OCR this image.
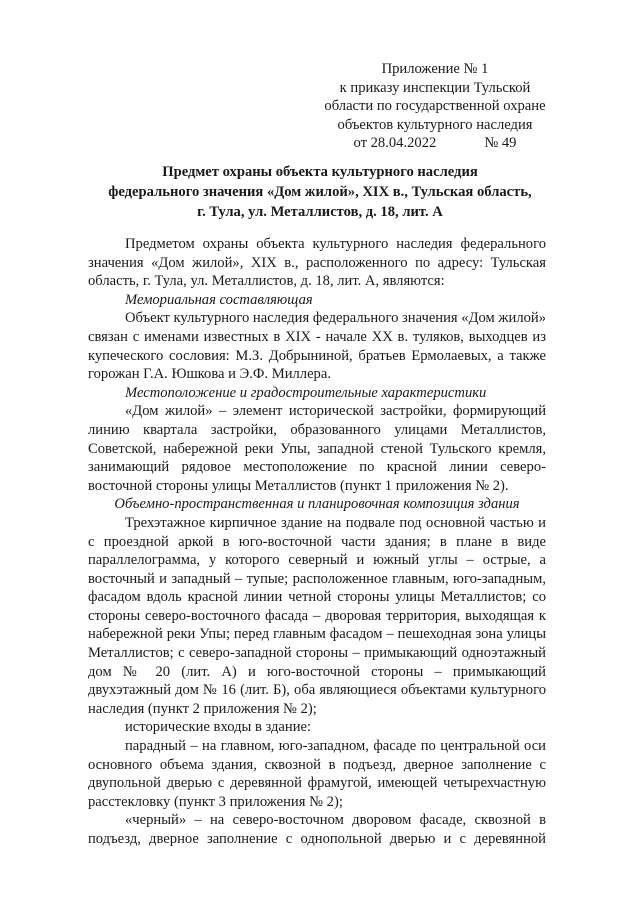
Приложение № 1
к приказу инспекции Тульской
области по государственной охране
объектов культурного наследия
от 28.04.2022	№ 49
Предмет охраны объекта культурного наследия
федерального значения «Дом жилой», XIX в., Тульская область,
г. Тула, ул. Металлистов, д. 18, лит. А

Предметом охраны объекта культурного наследия федерального значения «Дом жилой», XIX в., расположенного по адресу: Тульская область, г. Тула, ул. Металлистов, д. 18, лит. А, являются:

Мемориальная составляющая

Объект культурного наследия федерального значения «Дом жилой» связан с именами известных в XIX - начале XX в. туляков, выходцев из купеческого сословия: М.З. Добрыниной, братьев Ермолаевых, а также горожан Г.А. Юшкова и Э.Ф. Миллера.

Местоположение и градостроительные характеристики

«Дом жилой» – элемент исторической застройки, формирующий линию квартала застройки, образованного улицами Металлистов, Советской, набережной реки Упы, западной стеной Тульского кремля, занимающий рядовое местоположение по красной линии северо-восточной стороны улицы Металлистов (пункт 1 приложения № 2).

Объемно-пространственная и планировочная композиция здания

Трехэтажное кирпичное здание на подвале под основной частью и с проездной аркой в юго-восточной части здания; в плане в виде параллелограмма, у которого северный и южный углы – острые, а восточный и западный – тупые; расположенное главным, юго-западным, фасадом вдоль красной линии четной стороны улицы Металлистов; со стороны северо-восточного фасада – дворовая территория, выходящая к набережной реки Упы; перед главным фасадом – пешеходная зона улицы Металлистов; с северо-западной стороны – примыкающий одноэтажный дом № 20 (лит. А) и юго-восточной стороны – примыкающий двухэтажный дом № 16 (лит. Б), оба являющиеся объектами культурного наследия (пункт 2 приложения № 2);

исторические входы в здание:

парадный – на главном, юго-западном, фасаде по центральной оси основного объема здания, сквозной в подъезд, дверное заполнение с двупольной дверью с деревянной фрамугой, имеющей четырехчастную расстекловку (пункт 3 приложения № 2);

«черный» – на северо-восточном дворовом фасаде, сквозной в подъезд, дверное заполнение с однопольной дверью и с деревянной
